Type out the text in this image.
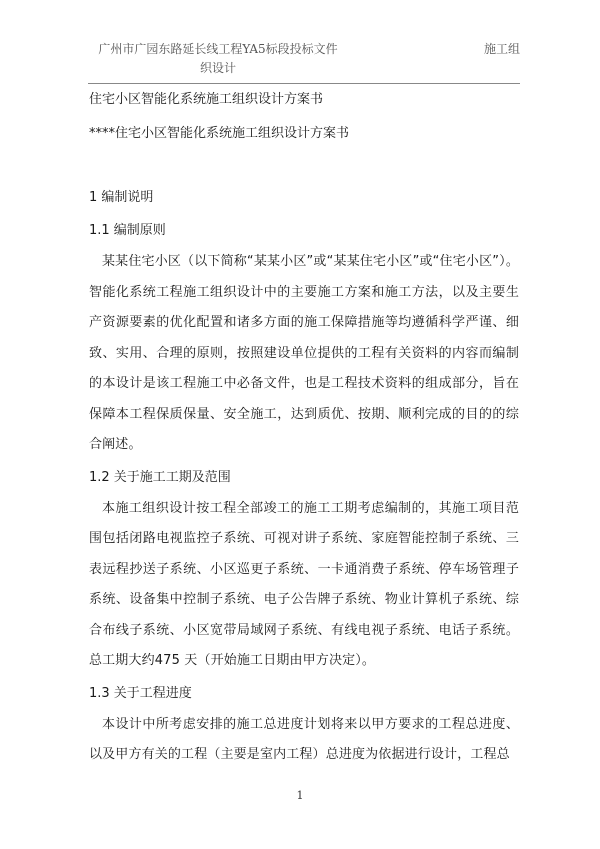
广州市广园东路延长线工程YA5标段投标文件
织设计
施工组
住宅小区智能化系统施工组织设计方案书
****住宅小区智能化系统施工组织设计方案书
1 编制说明
1.1 编制原则

某某住宅小区（以下简称“某某小区”或“某某住宅小区”或“住宅小区”）。智能化系统工程施工组织设计中的主要施工方案和施工方法，以及主要生产资源要素的优化配置和诸多方面的施工保障措施等均遵循科学严谨、细致、实用、合理的原则，按照建设单位提供的工程有关资料的内容而编制的本设计是该工程施工中必备文件，也是工程技术资料的组成部分，旨在保障本工程保质保量、安全施工，达到质优、按期、顺利完成的目的的综合阐述。

1.2 关于施工工期及范围

本施工组织设计按工程全部竣工的施工工期考虑编制的，其施工项目范围包括闭路电视监控子系统、可视对讲子系统、家庭智能控制子系统、三表远程抄送子系统、小区巡更子系统、一卡通消费子系统、停车场管理子系统、设备集中控制子系统、电子公告牌子系统、物业计算机子系统、综合布线子系统、小区宽带局域网子系统、有线电视子系统、电话子系统。总工期大约475 天（开始施工日期由甲方决定）。

1.3 关于工程进度

本设计中所考虑安排的施工总进度计划将来以甲方要求的工程总进度、以及甲方有关的工程（主要是室内工程）总进度为依据进行设计，工程总

1
